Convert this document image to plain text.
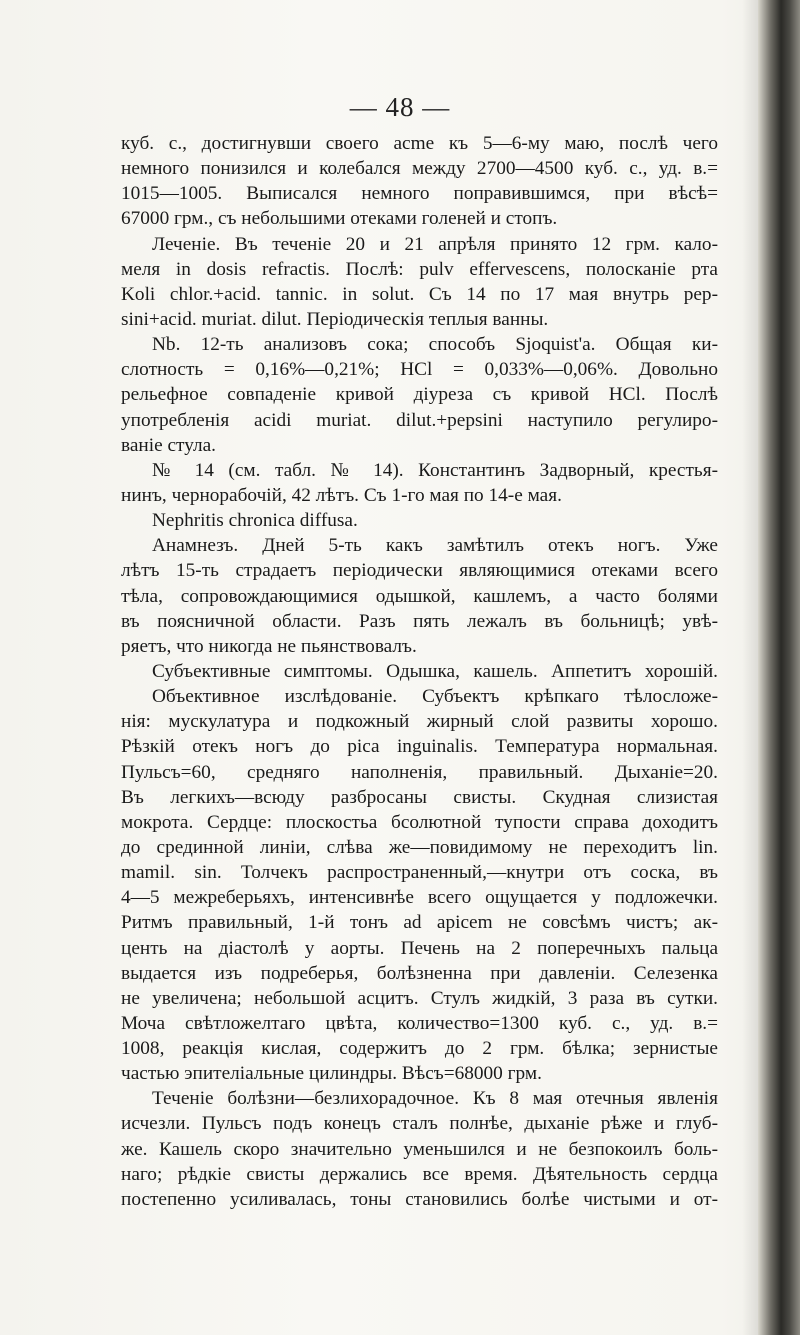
— 48 —
куб. с., достигнувши своего acme къ 5—6-му маю, послѣ чего
немного понизился и колебался между 2700—4500 куб. с., уд. в.=
1015—1005. Выписался немного поправившимся, при вѣсѣ=
67000 грм., съ небольшими отеками голеней и стопъ.
Леченіе. Въ теченіе 20 и 21 апрѣля принято 12 грм. кало-
меля in dosis refractis. Послѣ: pulv effervescens, полосканіе рта
Koli chlor.+acid. tannic. in solut. Съ 14 по 17 мая внутрь pep-
sini+acid. muriat. dilut. Періодическія теплыя ванны.
Nb. 12-ть анализовъ сока; способъ Sjoquist'a. Общая ки-
слотность = 0,16%—0,21%; HCl = 0,033%—0,06%. Довольно
рельефное совпаденіе кривой діуреза съ кривой HCl. Послѣ
употребленія acidi muriat. dilut.+pepsini наступило регулиро-
ваніе стула.
№ 14 (см. табл. № 14). Константинъ Задворный, крестья-
нинъ, чернорабочій, 42 лѣтъ. Съ 1-го мая по 14-е мая.
Nephritis chronica diffusa.
Анамнезъ. Дней 5-ть какъ замѣтилъ отекъ ногъ. Уже
лѣтъ 15-ть страдаетъ періодически являющимися отеками всего
тѣла, сопровождающимися одышкой, кашлемъ, а часто болями
въ поясничной области. Разъ пять лежалъ въ больницѣ; увѣ-
ряетъ, что никогда не пьянствовалъ.
Субъективные симптомы. Одышка, кашель. Аппетитъ хорошій.
Объективное изслѣдованіе. Субъектъ крѣпкаго тѣлосложе-
нія: мускулатура и подкожный жирный слой развиты хорошо.
Рѣзкій отекъ ногъ до ріса inguinalis. Температура нормальная.
Пульсъ=60, средняго наполненія, правильный. Дыханіе=20.
Въ легкихъ—всюду разбросаны свисты. Скудная слизистая
мокрота. Сердце: плоскостьа бсолютной тупости справа доходитъ
до срединной линіи, слѣва же—повидимому не переходитъ lin.
mamil. sin. Толчекъ распространенный,—кнутри отъ соска, въ
4—5 межреберьяхъ, интенсивнѣе всего ощущается у подложечки.
Ритмъ правильный, 1-й тонъ ad apicem не совсѣмъ чистъ; ак-
центь на діастолѣ у аорты. Печень на 2 поперечныхъ пальца
выдается изъ подреберья, болѣзненна при давленіи. Селезенка
не увеличена; небольшой асцитъ. Стулъ жидкій, 3 раза въ сутки.
Моча свѣтложелтаго цвѣта, количество=1300 куб. с., уд. в.=
1008, реакція кислая, содержитъ до 2 грм. бѣлка; зернистые
частью эпителіальные цилиндры. Вѣсъ=68000 грм.
Теченіе болѣзни—безлихорадочное. Къ 8 мая отечныя явленія
исчезли. Пульсъ подъ конецъ сталъ полнѣе, дыханіе рѣже и глуб-
же. Кашель скоро значительно уменьшился и не безпокоилъ боль-
наго; рѣдкіе свисты держались все время. Дѣятельность сердца
постепенно усиливалась, тоны становились болѣе чистыми и от-
